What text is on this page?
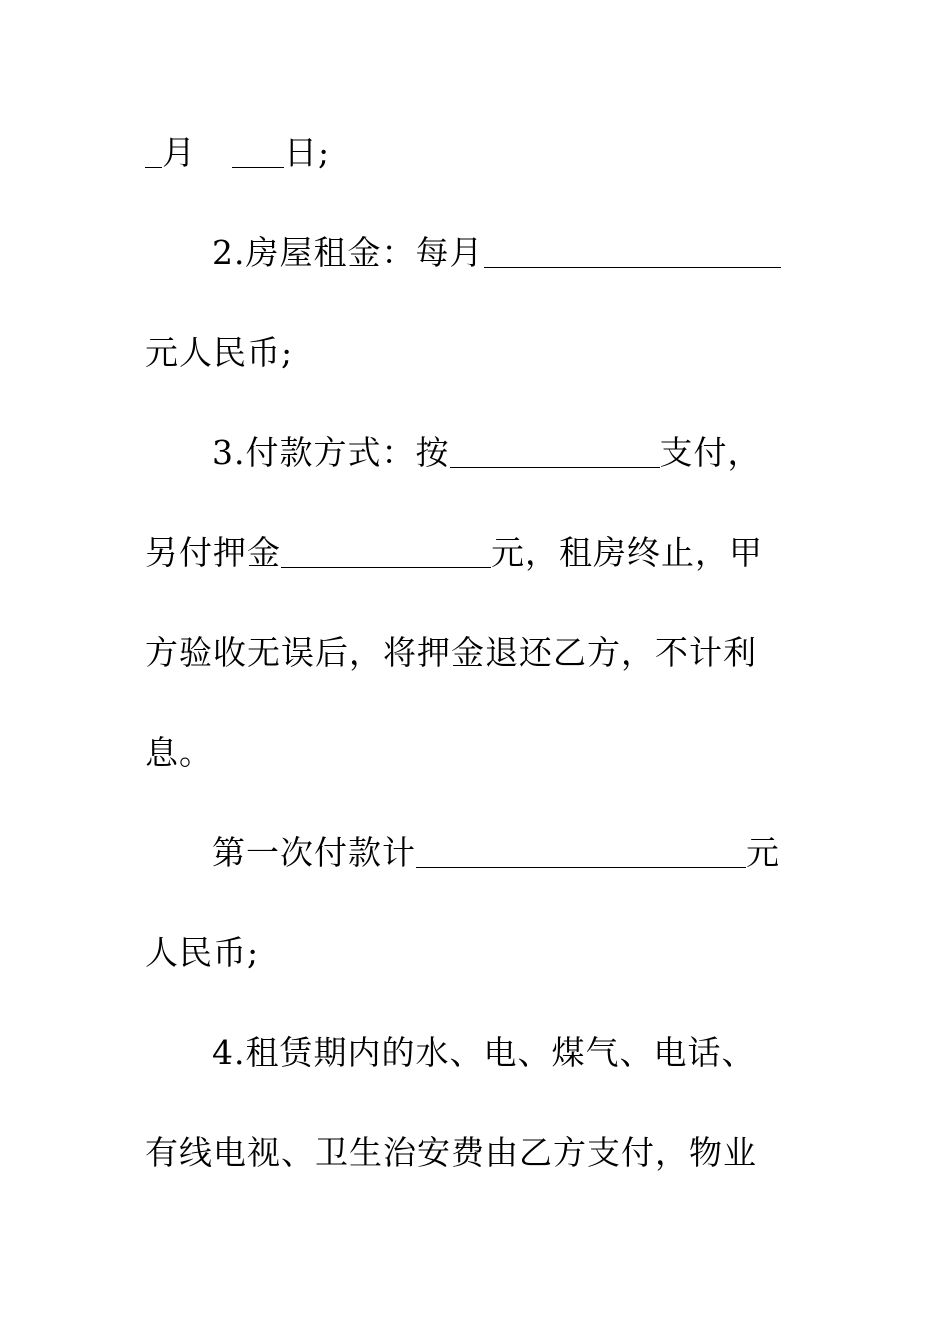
月	日;
2.房屋租金：每月
元人民币;
3.付款方式：按	支付，
另付押金	元，租房终止，甲
方验收无误后，将押金退还乙方，不计利
息。
第一次付款计	元
人民币;
4.租赁期内的水、电、煤气、电话、
有线电视、卫生治安费由乙方支付，物业
